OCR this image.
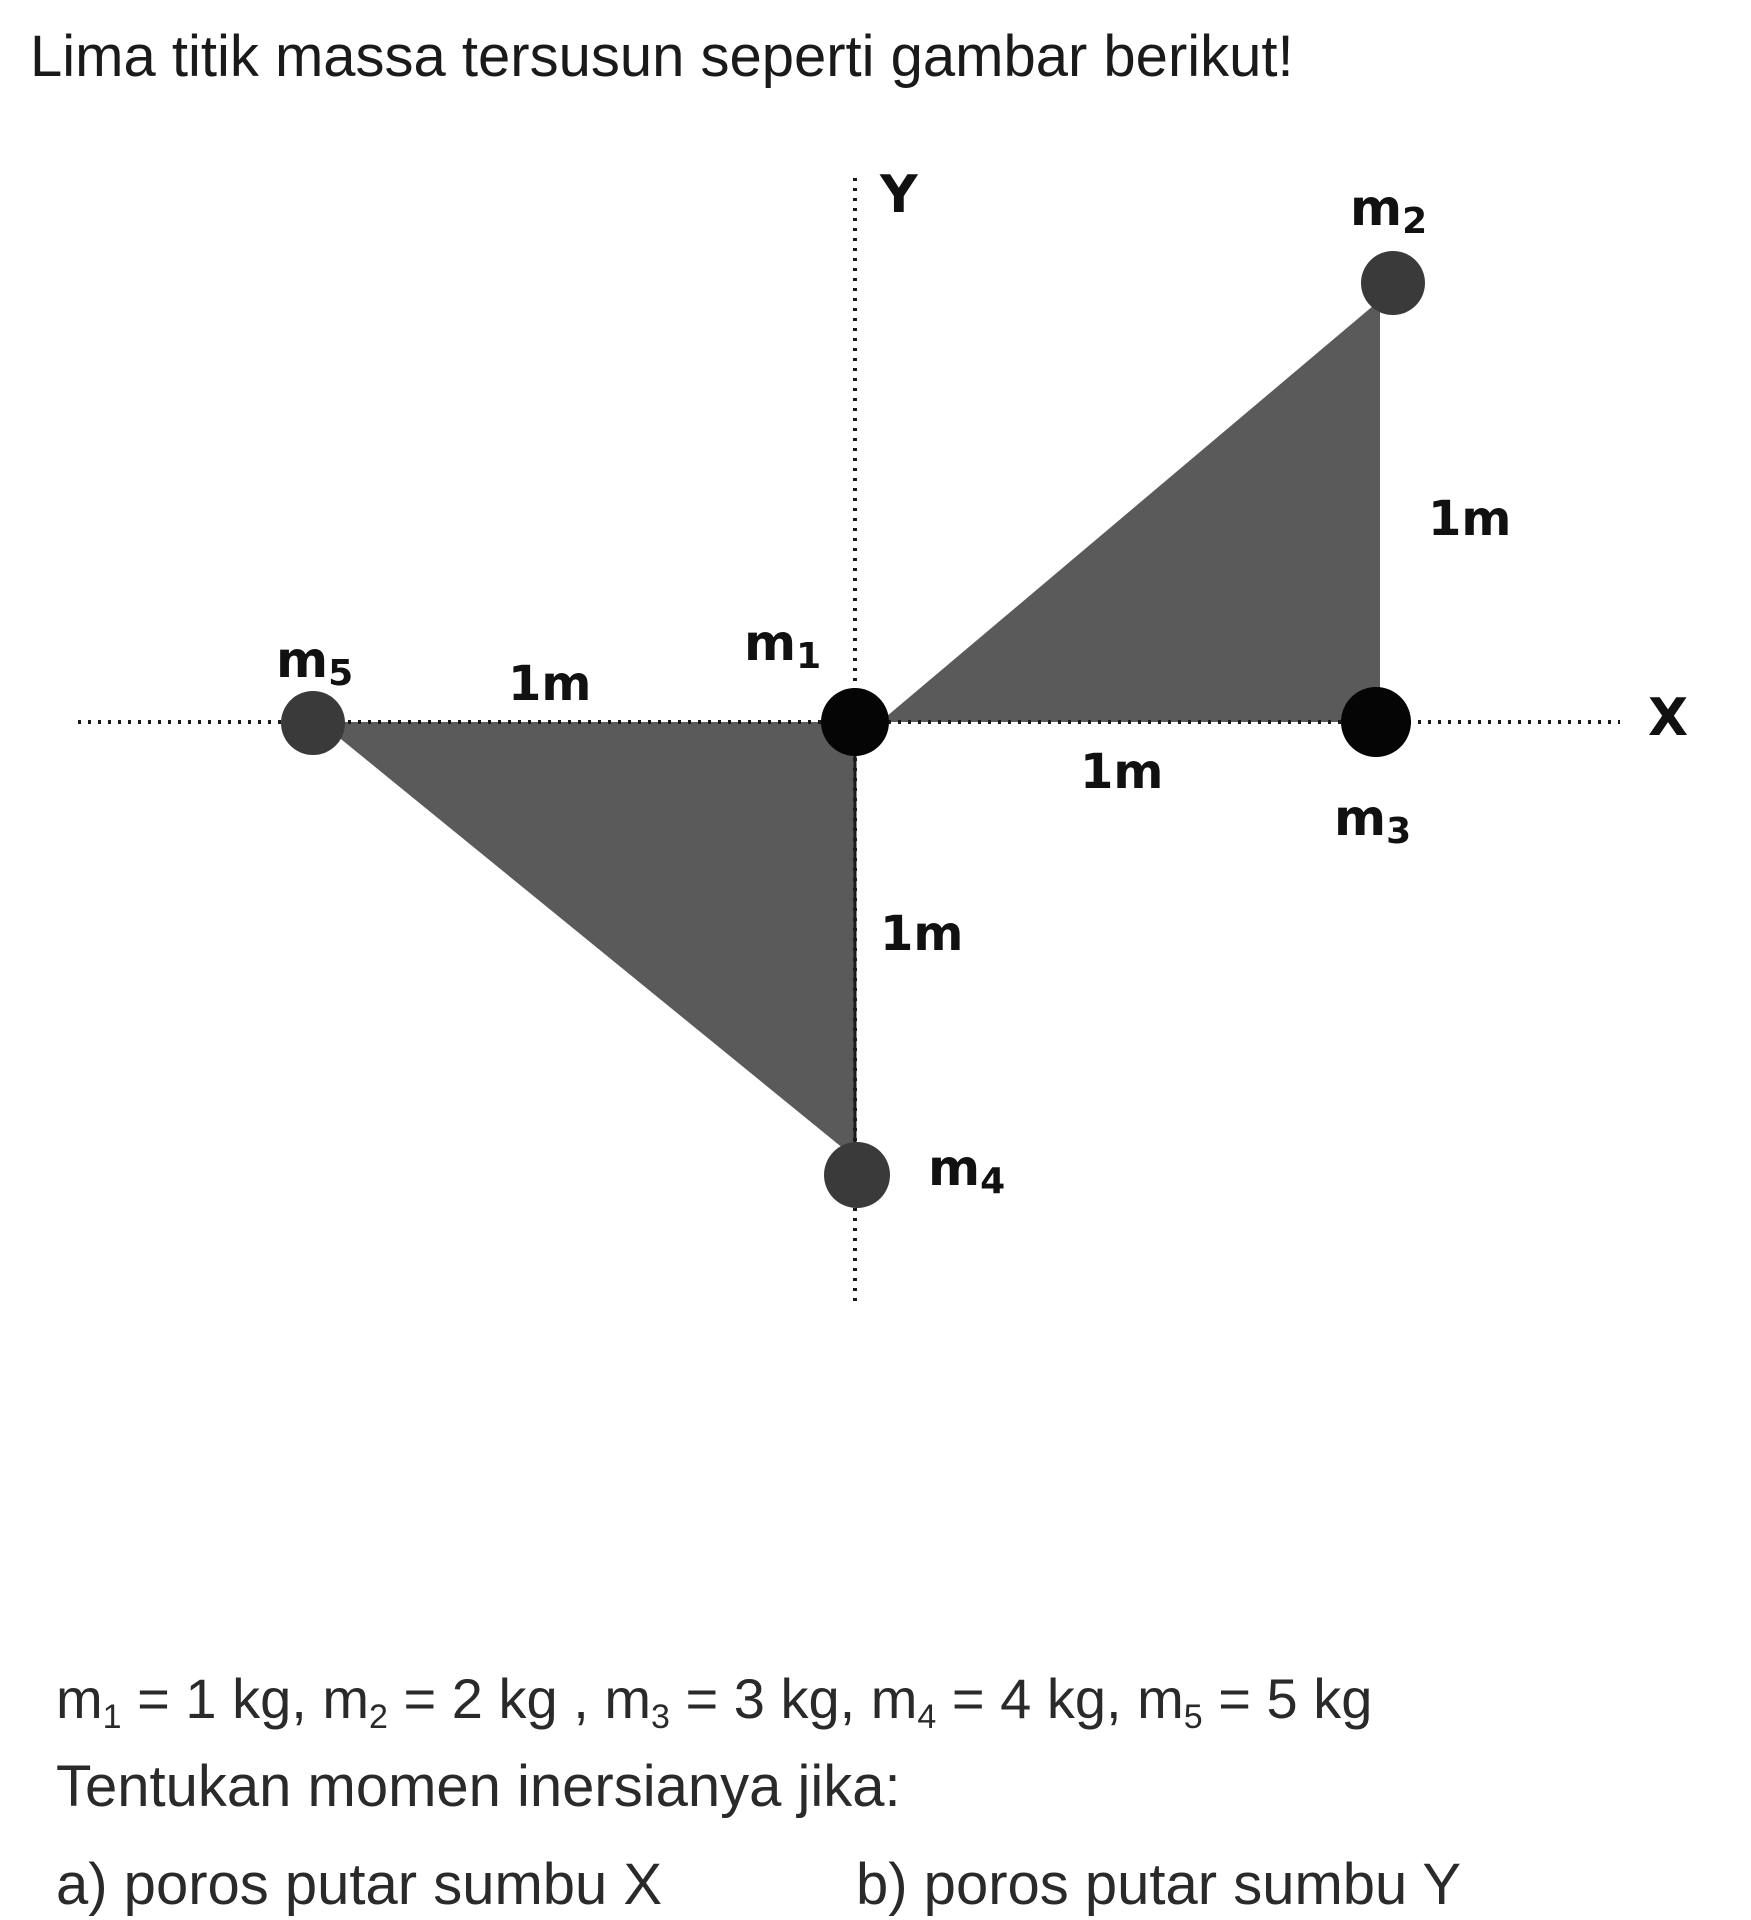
Lima titik massa tersusun seperti gambar berikut!
Y
X
1m
1m
1m
1m
m5
m1
m2
m3
m4
$m_1 = 1$ kg, $m_2 = 2$ kg , $m_3 = 3$ kg, $m_4 = 4$ kg, $m_5 = 5$ kg
Tentukan momen inersianya jika:
a) poros putar sumbu X	b) poros putar sumbu Y
